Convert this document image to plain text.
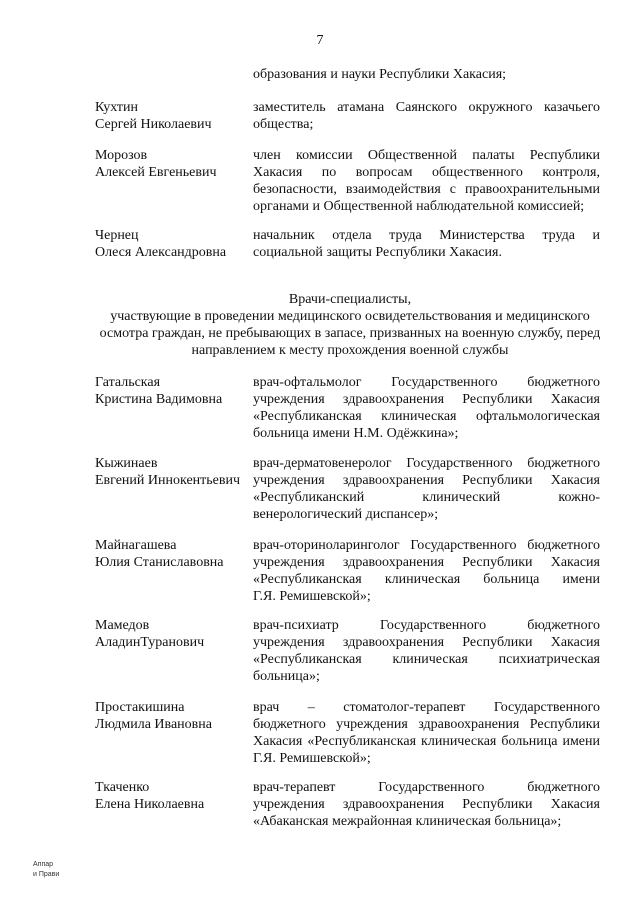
7
образования и науки Республики Хакасия;
Кухтин
Сергей Николаевич
заместитель атамана Саянского окружного казачьего
общества;
Морозов
Алексей Евгеньевич
член комиссии Общественной палаты Республики
Хакасия по вопросам общественного контроля,
безопасности, взаимодействия с правоохранительными
органами и Общественной наблюдательной комиссией;
Чернец
Олеся Александровна
начальник отдела труда Министерства труда и
социальной защиты Республики Хакасия.
Врачи-специалисты,
участвующие в проведении медицинского освидетельствования и медицинского
осмотра граждан, не пребывающих в запасе, призванных на военную службу, перед
направлением к месту прохождения военной службы
Гатальская
Кристина Вадимовна
врач-офтальмолог Государственного бюджетного
учреждения здравоохранения Республики Хакасия
«Республиканская клиническая офтальмологическая
больница имени Н.М. Одёжкина»;
Кыжинаев
Евгений Иннокентьевич
врач-дерматовенеролог Государственного бюджетного
учреждения здравоохранения Республики Хакасия
«Республиканский клинический кожно-
венерологический диспансер»;
Майнагашева
Юлия Станиславовна
врач-оториноларинголог Государственного бюджетного
учреждения здравоохранения Республики Хакасия
«Республиканская клиническая больница имени
Г.Я. Ремишевской»;
Мамедов
АладинТуранович
врач-психиатр Государственного бюджетного
учреждения здравоохранения Республики Хакасия
«Республиканская клиническая психиатрическая
больница»;
Простакишина
Людмила Ивановна
врач – стоматолог-терапевт Государственного
бюджетного учреждения здравоохранения Республики
Хакасия «Республиканская клиническая больница имени
Г.Я. Ремишевской»;
Ткаченко
Елена Николаевна
врач-терапевт Государственного бюджетного
учреждения здравоохранения Республики Хакасия
«Абаканская межрайонная клиническая больница»;
Аппар
и Прави
